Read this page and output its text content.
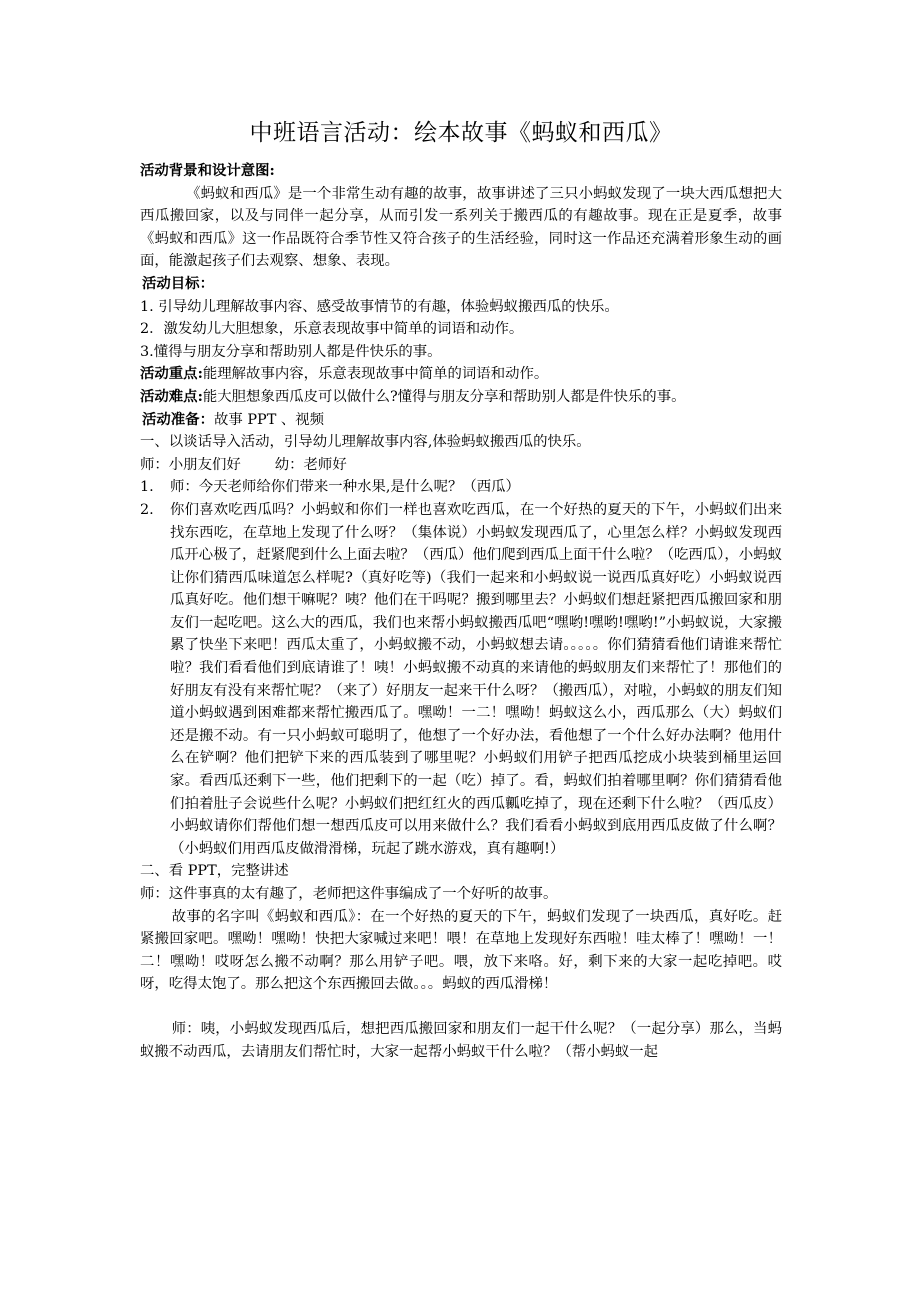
中班语言活动：绘本故事《蚂蚁和西瓜》

活动背景和设计意图:

《蚂蚁和西瓜》是一个非常生动有趣的故事，故事讲述了三只小蚂蚁发现了一块大西瓜想把大西瓜搬回家，以及与同伴一起分享，从而引发一系列关于搬西瓜的有趣故事。现在正是夏季，故事《蚂蚁和西瓜》这一作品既符合季节性又符合孩子的生活经验，同时这一作品还充满着形象生动的画面，能激起孩子们去观察、想象、表现。

活动目标：

1. 引导幼儿理解故事内容、感受故事情节的有趣，体验蚂蚁搬西瓜的快乐。

2．激发幼儿大胆想象，乐意表现故事中简单的词语和动作。

3.懂得与朋友分享和帮助别人都是件快乐的事。

活动重点:能理解故事内容，乐意表现故事中简单的词语和动作。

活动难点:能大胆想象西瓜皮可以做什么?懂得与朋友分享和帮助别人都是件快乐的事。

活动准备：故事 PPT 、视频

一、以谈话导入活动，引导幼儿理解故事内容,体验蚂蚁搬西瓜的快乐。

师：小朋友们好 幼：老师好

1.	师：今天老师给你们带来一种水果,是什么呢？（西瓜）
2.	你们喜欢吃西瓜吗？小蚂蚁和你们一样也喜欢吃西瓜，在一个好热的夏天的下午，小蚂蚁们出来找东西吃，在草地上发现了什么呀？（集体说）小蚂蚁发现西瓜了，心里怎么样？小蚂蚁发现西瓜开心极了，赶紧爬到什么上面去啦？（西瓜）他们爬到西瓜上面干什么啦？（吃西瓜），小蚂蚁让你们猜西瓜味道怎么样呢?（真好吃等)（我们一起来和小蚂蚁说一说西瓜真好吃）小蚂蚁说西瓜真好吃。他们想干嘛呢？咦？他们在干吗呢？搬到哪里去？小蚂蚁们想赶紧把西瓜搬回家和朋友们一起吃吧。这么大的西瓜，我们也来帮小蚂蚁搬西瓜吧“嘿哟!嘿哟!嘿哟!”小蚂蚁说，大家搬累了快坐下来吧！西瓜太重了，小蚂蚁搬不动，小蚂蚁想去请。。。。。你们猜猜看他们请谁来帮忙啦？我们看看他们到底请谁了！咦！小蚂蚁搬不动真的来请他的蚂蚁朋友们来帮忙了！那他们的好朋友有没有来帮忙呢？（来了）好朋友一起来干什么呀？（搬西瓜），对啦，小蚂蚁的朋友们知道小蚂蚁遇到困难都来帮忙搬西瓜了。嘿呦！一二！嘿呦！蚂蚁这么小，西瓜那么（大）蚂蚁们还是搬不动。有一只小蚂蚁可聪明了，他想了一个好办法，看他想了一个什么好办法啊？他用什么在铲啊？他们把铲下来的西瓜装到了哪里呢？小蚂蚁们用铲子把西瓜挖成小块装到桶里运回家。看西瓜还剩下一些，他们把剩下的一起（吃）掉了。看，蚂蚁们拍着哪里啊？你们猜猜看他们拍着肚子会说些什么呢？小蚂蚁们把红红火的西瓜瓤吃掉了，现在还剩下什么啦？（西瓜皮）小蚂蚁请你们帮他们想一想西瓜皮可以用来做什么？我们看看小蚂蚁到底用西瓜皮做了什么啊？（小蚂蚁们用西瓜皮做滑滑梯，玩起了跳水游戏，真有趣啊!）

二、看 PPT，完整讲述

师：这件事真的太有趣了，老师把这件事编成了一个好听的故事。

故事的名字叫《蚂蚁和西瓜》：在一个好热的夏天的下午，蚂蚁们发现了一块西瓜，真好吃。赶紧搬回家吧。嘿呦！嘿呦！快把大家喊过来吧！喂！在草地上发现好东西啦！哇太棒了！嘿呦！一！二！嘿呦！哎呀怎么搬不动啊？那么用铲子吧。喂，放下来咯。好，剩下来的大家一起吃掉吧。哎呀，吃得太饱了。那么把这个东西搬回去做。。。蚂蚁的西瓜滑梯！

师：咦，小蚂蚁发现西瓜后，想把西瓜搬回家和朋友们一起干什么呢？（一起分享）那么，当蚂蚁搬不动西瓜，去请朋友们帮忙时，大家一起帮小蚂蚁干什么啦？（帮小蚂蚁一起
